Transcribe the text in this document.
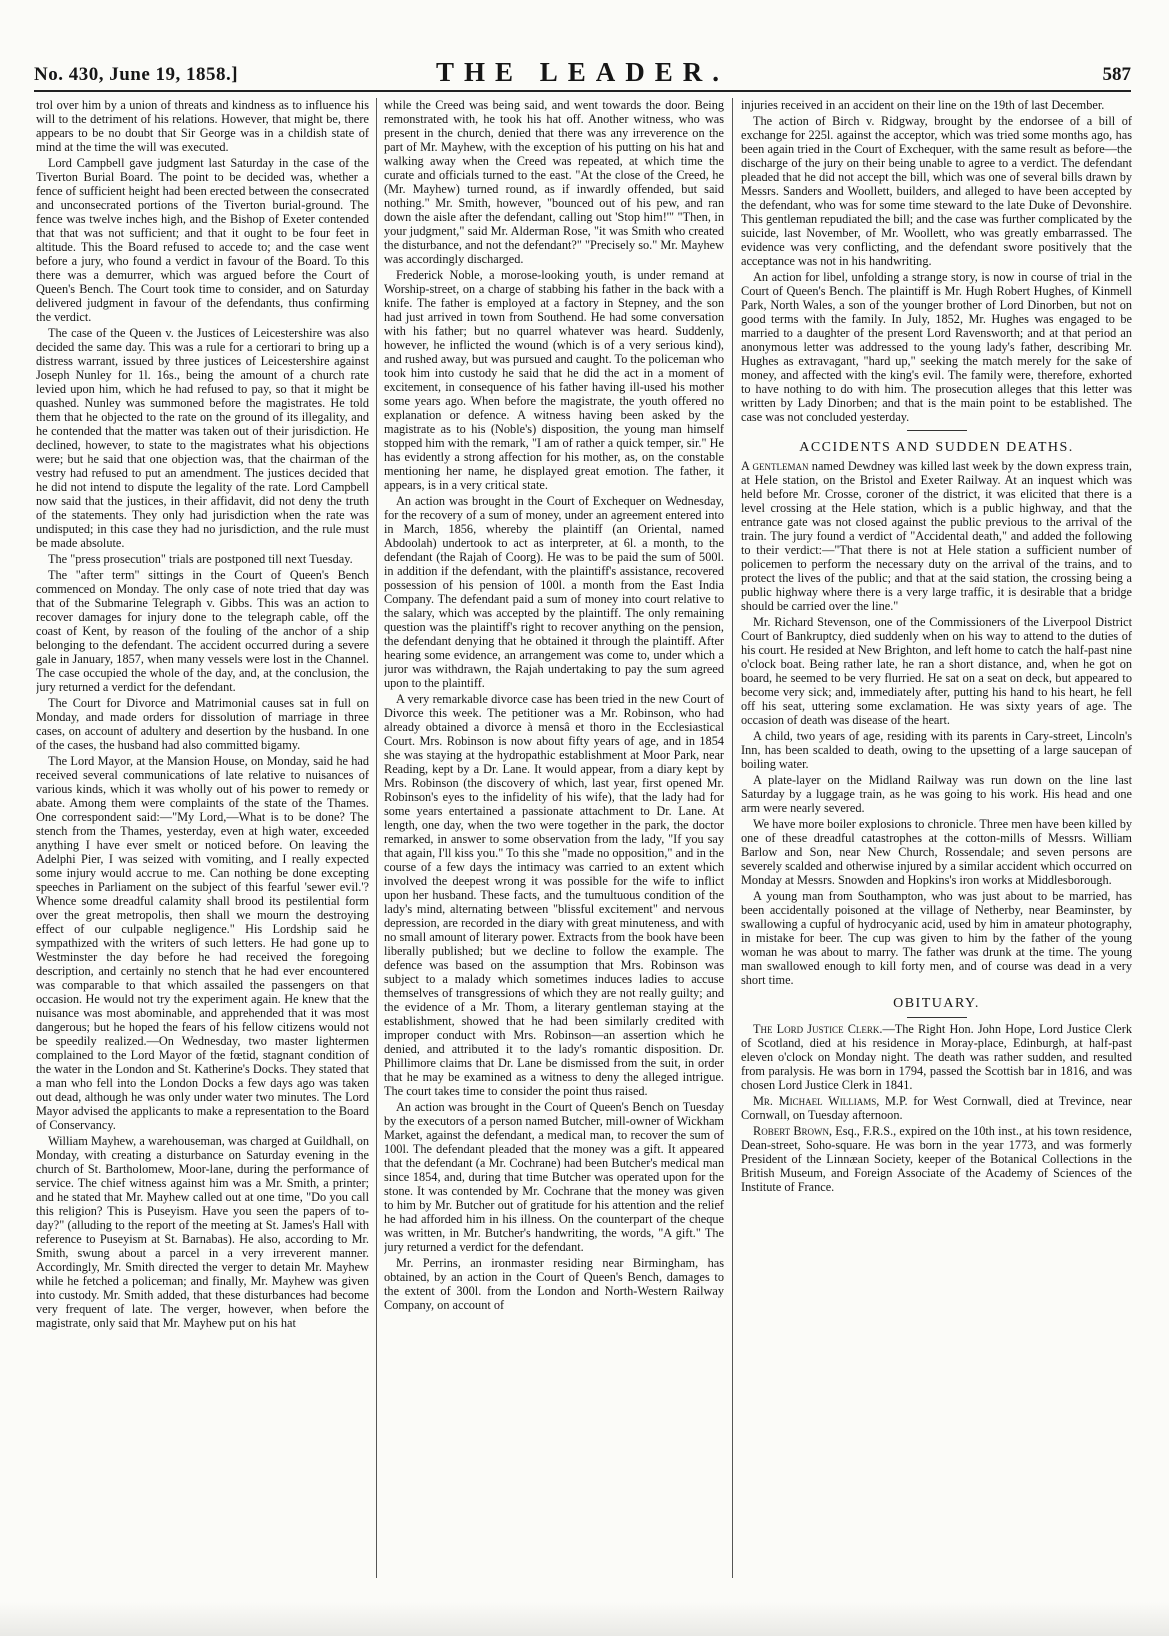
No. 430, June 19, 1858.]	THE LEADER.	587

trol over him by a union of threats and kindness as to influence his will to the detriment of his relations. However, that might be, there appears to be no doubt that Sir George was in a childish state of mind at the time the will was executed.

Lord Campbell gave judgment last Saturday in the case of the Tiverton Burial Board. The point to be decided was, whether a fence of sufficient height had been erected between the consecrated and unconsecrated portions of the Tiverton burial-ground. The fence was twelve inches high, and the Bishop of Exeter contended that that was not sufficient; and that it ought to be four feet in altitude. This the Board refused to accede to; and the case went before a jury, who found a verdict in favour of the Board. To this there was a demurrer, which was argued before the Court of Queen's Bench. The Court took time to consider, and on Saturday delivered judgment in favour of the defendants, thus confirming the verdict.

The case of the Queen v. the Justices of Leicestershire was also decided the same day. This was a rule for a certiorari to bring up a distress warrant, issued by three justices of Leicestershire against Joseph Nunley for 1l. 16s., being the amount of a church rate levied upon him, which he had refused to pay, so that it might be quashed. Nunley was summoned before the magistrates. He told them that he objected to the rate on the ground of its illegality, and he contended that the matter was taken out of their jurisdiction. He declined, however, to state to the magistrates what his objections were; but he said that one objection was, that the chairman of the vestry had refused to put an amendment. The justices decided that he did not intend to dispute the legality of the rate. Lord Campbell now said that the justices, in their affidavit, did not deny the truth of the statements. They only had jurisdiction when the rate was undisputed; in this case they had no jurisdiction, and the rule must be made absolute.

The "press prosecution" trials are postponed till next Tuesday.

The "after term" sittings in the Court of Queen's Bench commenced on Monday. The only case of note tried that day was that of the Submarine Telegraph v. Gibbs. This was an action to recover damages for injury done to the telegraph cable, off the coast of Kent, by reason of the fouling of the anchor of a ship belonging to the defendant. The accident occurred during a severe gale in January, 1857, when many vessels were lost in the Channel. The case occupied the whole of the day, and, at the conclusion, the jury returned a verdict for the defendant.

The Court for Divorce and Matrimonial causes sat in full on Monday, and made orders for dissolution of marriage in three cases, on account of adultery and desertion by the husband. In one of the cases, the husband had also committed bigamy.

The Lord Mayor, at the Mansion House, on Monday, said he had received several communications of late relative to nuisances of various kinds, which it was wholly out of his power to remedy or abate. Among them were complaints of the state of the Thames. One correspondent said:—"My Lord,—What is to be done? The stench from the Thames, yesterday, even at high water, exceeded anything I have ever smelt or noticed before. On leaving the Adelphi Pier, I was seized with vomiting, and I really expected some injury would accrue to me. Can nothing be done excepting speeches in Parliament on the subject of this fearful 'sewer evil.'? Whence some dreadful calamity shall brood its pestilential form over the great metropolis, then shall we mourn the destroying effect of our culpable negligence." His Lordship said he sympathized with the writers of such letters. He had gone up to Westminster the day before he had received the foregoing description, and certainly no stench that he had ever encountered was comparable to that which assailed the passengers on that occasion. He would not try the experiment again. He knew that the nuisance was most abominable, and apprehended that it was most dangerous; but he hoped the fears of his fellow citizens would not be speedily realized.—On Wednesday, two master lightermen complained to the Lord Mayor of the fœtid, stagnant condition of the water in the London and St. Katherine's Docks. They stated that a man who fell into the London Docks a few days ago was taken out dead, although he was only under water two minutes. The Lord Mayor advised the applicants to make a representation to the Board of Conservancy.

William Mayhew, a warehouseman, was charged at Guildhall, on Monday, with creating a disturbance on Saturday evening in the church of St. Bartholomew, Moor-lane, during the performance of service. The chief witness against him was a Mr. Smith, a printer; and he stated that Mr. Mayhew called out at one time, "Do you call this religion? This is Puseyism. Have you seen the papers of to-day?" (alluding to the report of the meeting at St. James's Hall with reference to Puseyism at St. Barnabas). He also, according to Mr. Smith, swung about a parcel in a very irreverent manner. Accordingly, Mr. Smith directed the verger to detain Mr. Mayhew while he fetched a policeman; and finally, Mr. Mayhew was given into custody. Mr. Smith added, that these disturbances had become very frequent of late. The verger, however, when before the magistrate, only said that Mr. Mayhew put on his hat

while the Creed was being said, and went towards the door. Being remonstrated with, he took his hat off. Another witness, who was present in the church, denied that there was any irreverence on the part of Mr. Mayhew, with the exception of his putting on his hat and walking away when the Creed was repeated, at which time the curate and officials turned to the east. "At the close of the Creed, he (Mr. Mayhew) turned round, as if inwardly offended, but said nothing." Mr. Smith, however, "bounced out of his pew, and ran down the aisle after the defendant, calling out 'Stop him!'" "Then, in your judgment," said Mr. Alderman Rose, "it was Smith who created the disturbance, and not the defendant?" "Precisely so." Mr. Mayhew was accordingly discharged.

Frederick Noble, a morose-looking youth, is under remand at Worship-street, on a charge of stabbing his father in the back with a knife. The father is employed at a factory in Stepney, and the son had just arrived in town from Southend. He had some conversation with his father; but no quarrel whatever was heard. Suddenly, however, he inflicted the wound (which is of a very serious kind), and rushed away, but was pursued and caught. To the policeman who took him into custody he said that he did the act in a moment of excitement, in consequence of his father having ill-used his mother some years ago. When before the magistrate, the youth offered no explanation or defence. A witness having been asked by the magistrate as to his (Noble's) disposition, the young man himself stopped him with the remark, "I am of rather a quick temper, sir." He has evidently a strong affection for his mother, as, on the constable mentioning her name, he displayed great emotion. The father, it appears, is in a very critical state.

An action was brought in the Court of Exchequer on Wednesday, for the recovery of a sum of money, under an agreement entered into in March, 1856, whereby the plaintiff (an Oriental, named Abdoolah) undertook to act as interpreter, at 6l. a month, to the defendant (the Rajah of Coorg). He was to be paid the sum of 500l. in addition if the defendant, with the plaintiff's assistance, recovered possession of his pension of 100l. a month from the East India Company. The defendant paid a sum of money into court relative to the salary, which was accepted by the plaintiff. The only remaining question was the plaintiff's right to recover anything on the pension, the defendant denying that he obtained it through the plaintiff. After hearing some evidence, an arrangement was come to, under which a juror was withdrawn, the Rajah undertaking to pay the sum agreed upon to the plaintiff.

A very remarkable divorce case has been tried in the new Court of Divorce this week. The petitioner was a Mr. Robinson, who had already obtained a divorce à mensâ et thoro in the Ecclesiastical Court. Mrs. Robinson is now about fifty years of age, and in 1854 she was staying at the hydropathic establishment at Moor Park, near Reading, kept by a Dr. Lane. It would appear, from a diary kept by Mrs. Robinson (the discovery of which, last year, first opened Mr. Robinson's eyes to the infidelity of his wife), that the lady had for some years entertained a passionate attachment to Dr. Lane. At length, one day, when the two were together in the park, the doctor remarked, in answer to some observation from the lady, "If you say that again, I'll kiss you." To this she "made no opposition," and in the course of a few days the intimacy was carried to an extent which involved the deepest wrong it was possible for the wife to inflict upon her husband. These facts, and the tumultuous condition of the lady's mind, alternating between "blissful excitement" and nervous depression, are recorded in the diary with great minuteness, and with no small amount of literary power. Extracts from the book have been liberally published; but we decline to follow the example. The defence was based on the assumption that Mrs. Robinson was subject to a malady which sometimes induces ladies to accuse themselves of transgressions of which they are not really guilty; and the evidence of a Mr. Thom, a literary gentleman staying at the establishment, showed that he had been similarly credited with improper conduct with Mrs. Robinson—an assertion which he denied, and attributed it to the lady's romantic disposition. Dr. Phillimore claims that Dr. Lane be dismissed from the suit, in order that he may be examined as a witness to deny the alleged intrigue. The court takes time to consider the point thus raised.

An action was brought in the Court of Queen's Bench on Tuesday by the executors of a person named Butcher, mill-owner of Wickham Market, against the defendant, a medical man, to recover the sum of 100l. The defendant pleaded that the money was a gift. It appeared that the defendant (a Mr. Cochrane) had been Butcher's medical man since 1854, and, during that time Butcher was operated upon for the stone. It was contended by Mr. Cochrane that the money was given to him by Mr. Butcher out of gratitude for his attention and the relief he had afforded him in his illness. On the counterpart of the cheque was written, in Mr. Butcher's handwriting, the words, "A gift." The jury returned a verdict for the defendant.

Mr. Perrins, an ironmaster residing near Birmingham, has obtained, by an action in the Court of Queen's Bench, damages to the extent of 300l. from the London and North-Western Railway Company, on account of

injuries received in an accident on their line on the 19th of last December.

The action of Birch v. Ridgway, brought by the endorsee of a bill of exchange for 225l. against the acceptor, which was tried some months ago, has been again tried in the Court of Exchequer, with the same result as before—the discharge of the jury on their being unable to agree to a verdict. The defendant pleaded that he did not accept the bill, which was one of several bills drawn by Messrs. Sanders and Woollett, builders, and alleged to have been accepted by the defendant, who was for some time steward to the late Duke of Devonshire. This gentleman repudiated the bill; and the case was further complicated by the suicide, last November, of Mr. Woollett, who was greatly embarrassed. The evidence was very conflicting, and the defendant swore positively that the acceptance was not in his handwriting.

An action for libel, unfolding a strange story, is now in course of trial in the Court of Queen's Bench. The plaintiff is Mr. Hugh Robert Hughes, of Kinmell Park, North Wales, a son of the younger brother of Lord Dinorben, but not on good terms with the family. In July, 1852, Mr. Hughes was engaged to be married to a daughter of the present Lord Ravensworth; and at that period an anonymous letter was addressed to the young lady's father, describing Mr. Hughes as extravagant, "hard up," seeking the match merely for the sake of money, and affected with the king's evil. The family were, therefore, exhorted to have nothing to do with him. The prosecution alleges that this letter was written by Lady Dinorben; and that is the main point to be established. The case was not concluded yesterday.

ACCIDENTS AND SUDDEN DEATHS.

A gentleman named Dewdney was killed last week by the down express train, at Hele station, on the Bristol and Exeter Railway. At an inquest which was held before Mr. Crosse, coroner of the district, it was elicited that there is a level crossing at the Hele station, which is a public highway, and that the entrance gate was not closed against the public previous to the arrival of the train. The jury found a verdict of "Accidental death," and added the following to their verdict:—"That there is not at Hele station a sufficient number of policemen to perform the necessary duty on the arrival of the trains, and to protect the lives of the public; and that at the said station, the crossing being a public highway where there is a very large traffic, it is desirable that a bridge should be carried over the line."

Mr. Richard Stevenson, one of the Commissioners of the Liverpool District Court of Bankruptcy, died suddenly when on his way to attend to the duties of his court. He resided at New Brighton, and left home to catch the half-past nine o'clock boat. Being rather late, he ran a short distance, and, when he got on board, he seemed to be very flurried. He sat on a seat on deck, but appeared to become very sick; and, immediately after, putting his hand to his heart, he fell off his seat, uttering some exclamation. He was sixty years of age. The occasion of death was disease of the heart.

A child, two years of age, residing with its parents in Cary-street, Lincoln's Inn, has been scalded to death, owing to the upsetting of a large saucepan of boiling water.

A plate-layer on the Midland Railway was run down on the line last Saturday by a luggage train, as he was going to his work. His head and one arm were nearly severed.

We have more boiler explosions to chronicle. Three men have been killed by one of these dreadful catastrophes at the cotton-mills of Messrs. William Barlow and Son, near New Church, Rossendale; and seven persons are severely scalded and otherwise injured by a similar accident which occurred on Monday at Messrs. Snowden and Hopkins's iron works at Middlesborough.

A young man from Southampton, who was just about to be married, has been accidentally poisoned at the village of Netherby, near Beaminster, by swallowing a cupful of hydrocyanic acid, used by him in amateur photography, in mistake for beer. The cup was given to him by the father of the young woman he was about to marry. The father was drunk at the time. The young man swallowed enough to kill forty men, and of course was dead in a very short time.

OBITUARY.

The Lord Justice Clerk.—The Right Hon. John Hope, Lord Justice Clerk of Scotland, died at his residence in Moray-place, Edinburgh, at half-past eleven o'clock on Monday night. The death was rather sudden, and resulted from paralysis. He was born in 1794, passed the Scottish bar in 1816, and was chosen Lord Justice Clerk in 1841.

Mr. Michael Williams, M.P. for West Cornwall, died at Trevince, near Cornwall, on Tuesday afternoon.

Robert Brown, Esq., F.R.S., expired on the 10th inst., at his town residence, Dean-street, Soho-square. He was born in the year 1773, and was formerly President of the Linnæan Society, keeper of the Botanical Collections in the British Museum, and Foreign Associate of the Academy of Sciences of the Institute of France.
